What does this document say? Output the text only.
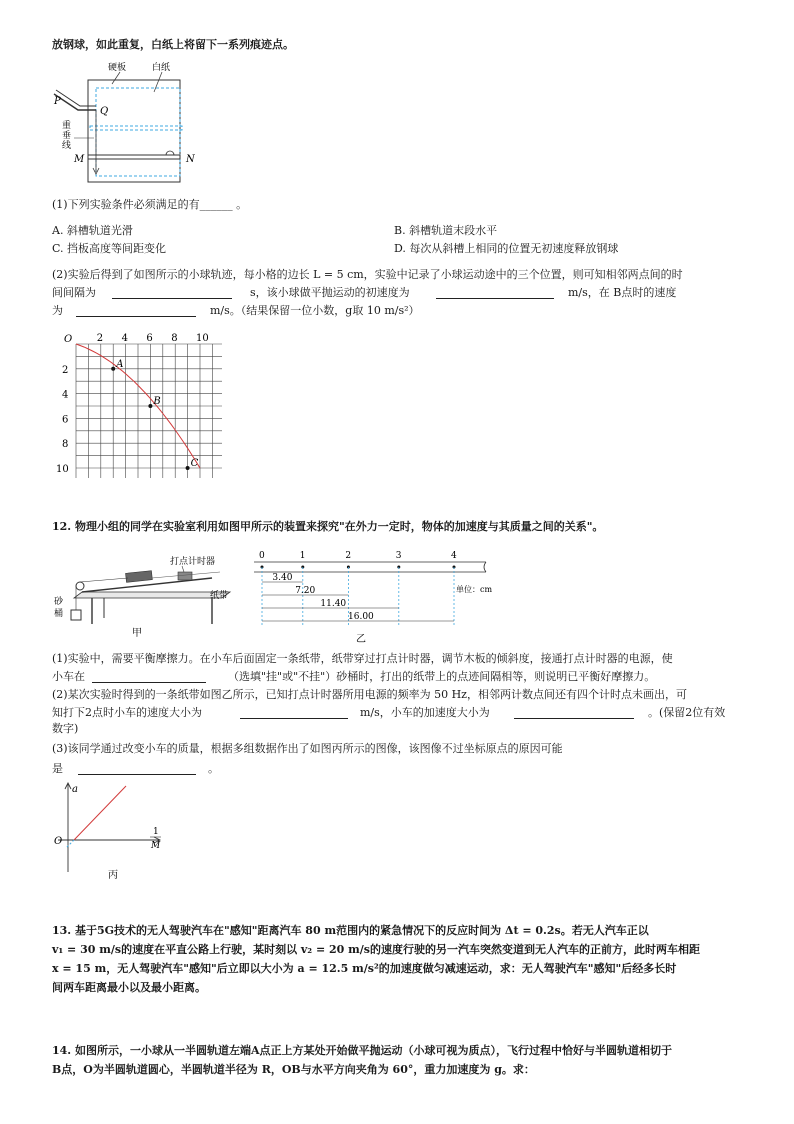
放钢球，如此重复，白纸上将留下一系列痕迹点。
硬板	白纸
P
Q
重
垂
线
M	N
(1)下列实验条件必须满足的有______ 。
A. 斜槽轨道光滑	B. 斜槽轨道末段水平
C. 挡板高度等间距变化	D. 每次从斜槽上相同的位置无初速度释放钢球
(2)实验后得到了如图所示的小球轨迹，每小格的边长 L = 5 cm，实验中记录了小球运动途中的三个位置，则可知相邻两点间的时
间间隔为	s，该小球做平抛运动的初速度为	m/s，在 B点时的速度
为	m/s。（结果保留一位小数，g取 10 m/s²）
O 2 4 6 8 10
2
4
6
8
10
A
B
C
12. 物理小组的同学在实验室利用如图甲所示的装置来探究"在外力一定时，物体的加速度与其质量之间的关系"。
打点计时器
纸带
砂
桶
甲
0	1	2	3	4
3.40
7.20
11.40
16.00
单位：cm
乙
(1)实验中，需要平衡摩擦力。在小车后面固定一条纸带，纸带穿过打点计时器，调节木板的倾斜度，接通打点计时器的电源，使
小车在	（选填"挂"或"不挂"）砂桶时，打出的纸带上的点迹间隔相等，则说明已平衡好摩擦力。
(2)某次实验时得到的一条纸带如图乙所示，已知打点计时器所用电源的频率为 50 Hz，相邻两计数点间还有四个计时点未画出，可
知打下2点时小车的速度大小为	m/s，小车的加速度大小为	。(保留2位有效
数字)
(3)该同学通过改变小车的质量，根据多组数据作出了如图丙所示的图像，该图像不过坐标原点的原因可能
是	。
a
O
1
M
丙
13. 基于5G技术的无人驾驶汽车在"感知"距离汽车 80 m范围内的紧急情况下的反应时间为 Δt = 0.2s。若无人汽车正以
v₁ = 30 m/s的速度在平直公路上行驶，某时刻以 v₂ = 20 m/s的速度行驶的另一汽车突然变道到无人汽车的正前方，此时两车相距
x = 15 m，无人驾驶汽车"感知"后立即以大小为 a = 12.5 m/s²的加速度做匀减速运动，求：无人驾驶汽车"感知"后经多长时
间两车距离最小以及最小距离。
14. 如图所示，一小球从一半圆轨道左端A点正上方某处开始做平抛运动（小球可视为质点），飞行过程中恰好与半圆轨道相切于
B点，O为半圆轨道圆心，半圆轨道半径为 R，OB与水平方向夹角为 60°，重力加速度为 g。求：
